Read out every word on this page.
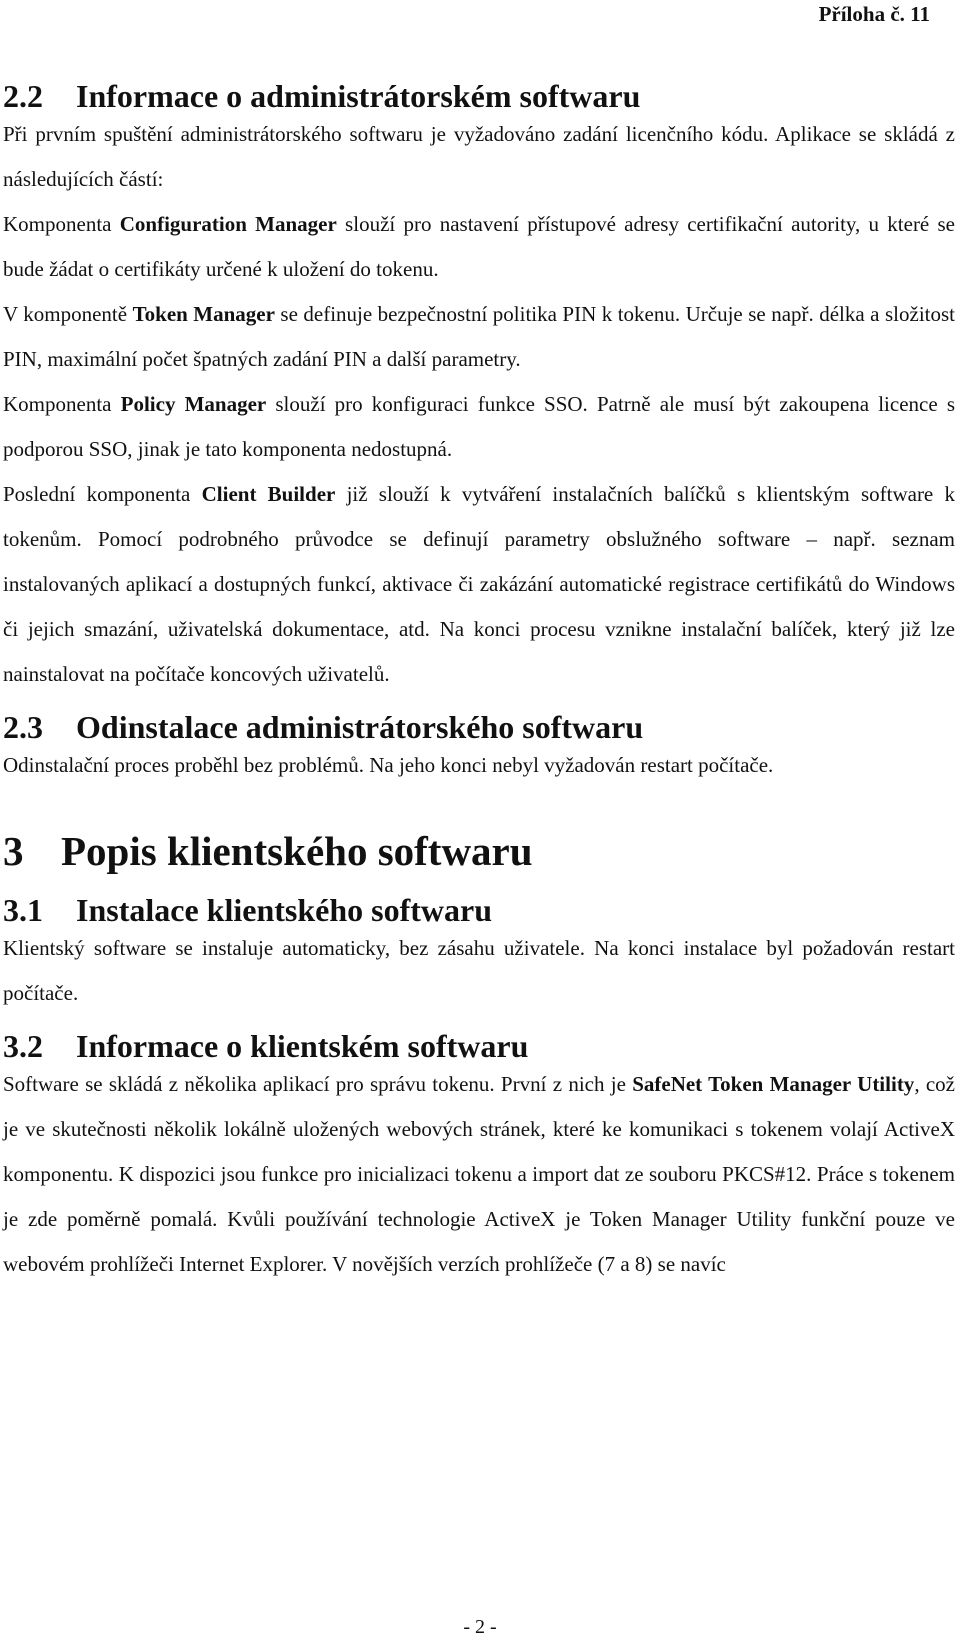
Příloha č. 11
2.2 Informace o administrátorském softwaru

Při prvním spuštění administrátorského softwaru je vyžadováno zadání licenčního kódu. Aplikace se skládá z následujících částí:

Komponenta Configuration Manager slouží pro nastavení přístupové adresy certifikační autority, u které se bude žádat o certifikáty určené k uložení do tokenu.

V komponentě Token Manager se definuje bezpečnostní politika PIN k tokenu. Určuje se např. délka a složitost PIN, maximální počet špatných zadání PIN a další parametry.

Komponenta Policy Manager slouží pro konfiguraci funkce SSO. Patrně ale musí být zakoupena licence s podporou SSO, jinak je tato komponenta nedostupná.

Poslední komponenta Client Builder již slouží k vytváření instalačních balíčků s klientským software k tokenům. Pomocí podrobného průvodce se definují parametry obslužného software – např. seznam instalovaných aplikací a dostupných funkcí, aktivace či zakázání automatické registrace certifikátů do Windows či jejich smazání, uživatelská dokumentace, atd. Na konci procesu vznikne instalační balíček, který již lze nainstalovat na počítače koncových uživatelů.

2.3 Odinstalace administrátorského softwaru

Odinstalační proces proběhl bez problémů. Na jeho konci nebyl vyžadován restart počítače.

3 Popis klientského softwaru
3.1 Instalace klientského softwaru

Klientský software se instaluje automaticky, bez zásahu uživatele. Na konci instalace byl požadován restart počítače.

3.2 Informace o klientském softwaru

Software se skládá z několika aplikací pro správu tokenu. První z nich je SafeNet Token Manager Utility, což je ve skutečnosti několik lokálně uložených webových stránek, které ke komunikaci s tokenem volají ActiveX komponentu. K dispozici jsou funkce pro inicializaci tokenu a import dat ze souboru PKCS#12. Práce s tokenem je zde poměrně pomalá. Kvůli používání technologie ActiveX je Token Manager Utility funkční pouze ve webovém prohlížeči Internet Explorer. V novějších verzích prohlížeče (7 a 8) se navíc

- 2 -
